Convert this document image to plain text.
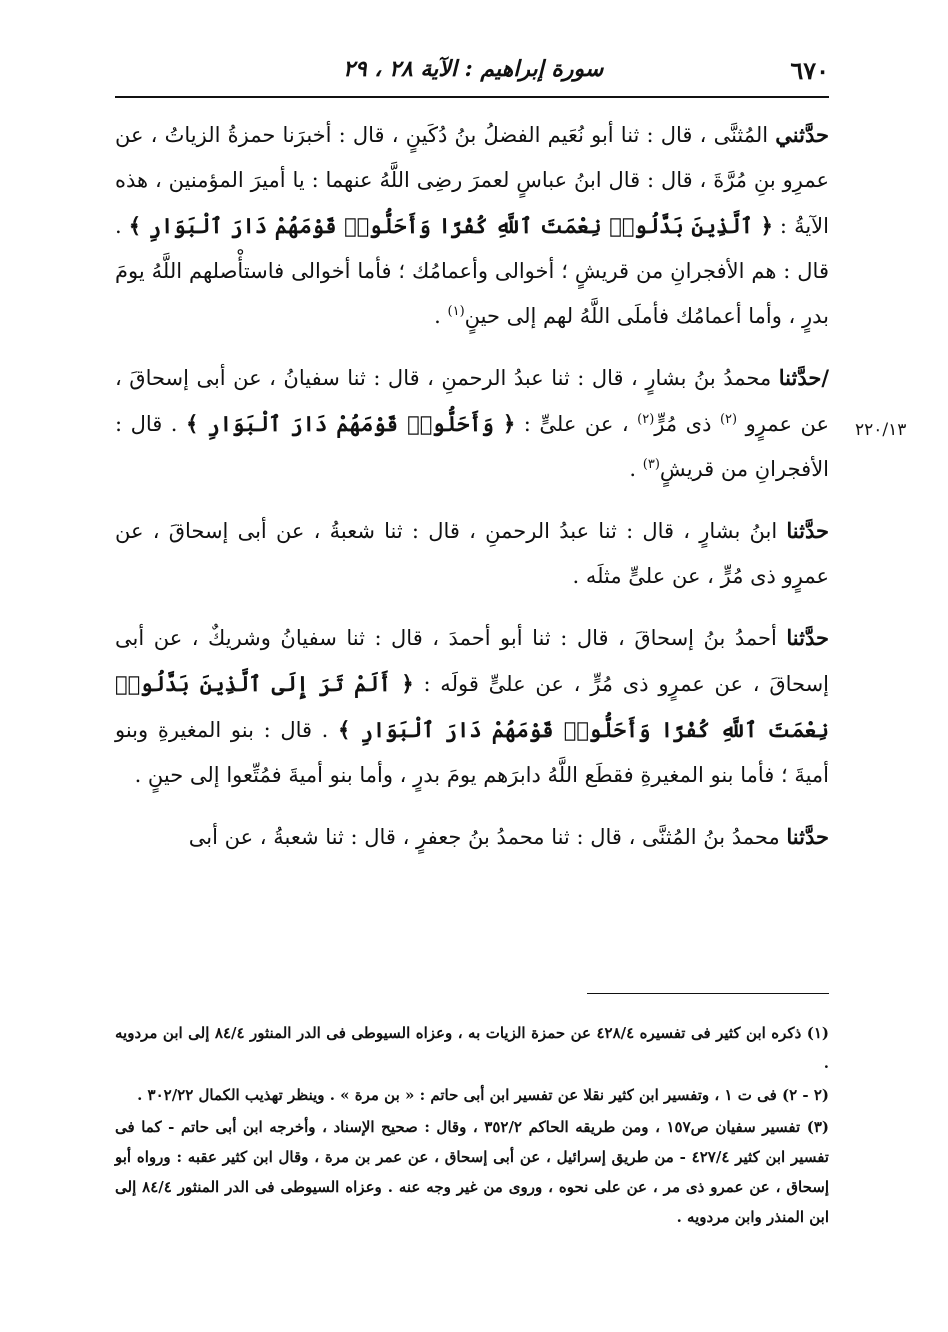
٦٧٠
سورة إبراهيم : الآية ٢٨ ، ٢٩
٢٢٠/١٣

حدَّثني المُثنَّى ، قال : ثنا أبو نُعَيم الفضلُ بنُ دُكَينٍ ، قال : أخبرَنا حمزةُ الزياتُ ، عن عمرِو بنِ مُرَّةَ ، قال : قال ابنُ عباسٍ لعمرَ رضِى اللَّهُ عنهما : يا أميرَ المؤمنين ، هذه الآيةُ : ﴿ ٱلَّذِينَ بَدَّلُوا۟ نِعْمَتَ ٱللَّهِ كُفْرًا وَأَحَلُّوا۟ قَوْمَهُمْ دَارَ ٱلْبَوَارِ ﴾ . قال : هم الأفجرانِ من قريشٍ ؛ أخوالى وأعمامُك ؛ فأما أخوالى فاستأْصلهم اللَّهُ يومَ بدرٍ ، وأما أعمامُك فأملَى اللَّهُ لهم إلى حينٍ$^{(١)}$ .

/حدَّثنا محمدُ بنُ بشارٍ ، قال : ثنا عبدُ الرحمنِ ، قال : ثنا سفيانُ ، عن أبى إسحاقَ ، عن عمرٍو $^{(٢)}$ ذى مُرٍّ$^{(٢)}$ ، عن علىٍّ : ﴿ وَأَحَلُّوا۟ قَوْمَهُمْ دَارَ ٱلْبَوَارِ ﴾ . قال : الأفجرانِ من قريشٍ$^{(٣)}$ .

حدَّثنا ابنُ بشارٍ ، قال : ثنا عبدُ الرحمنِ ، قال : ثنا شعبةُ ، عن أبى إسحاقَ ، عن عمرٍو ذى مُرٍّ ، عن علىٍّ مثلَه .

حدَّثنا أحمدُ بنُ إسحاقَ ، قال : ثنا أبو أحمدَ ، قال : ثنا سفيانُ وشريكٌ ، عن أبى إسحاقَ ، عن عمرٍو ذى مُرٍّ ، عن علىٍّ قولَه : ﴿ أَلَمْ تَرَ إِلَى ٱلَّذِينَ بَدَّلُوا۟ نِعْمَتَ ٱللَّهِ كُفْرًا وَأَحَلُّوا۟ قَوْمَهُمْ دَارَ ٱلْبَوَارِ ﴾ . قال : بنو المغيرةِ وبنو أميةَ ؛ فأما بنو المغيرةِ فقطَع اللَّهُ دابرَهم يومَ بدرٍ ، وأما بنو أميةَ فمُتِّعوا إلى حينٍ .

حدَّثنا محمدُ بنُ المُثنَّى ، قال : ثنا محمدُ بنُ جعفرٍ ، قال : ثنا شعبةُ ، عن أبى

(١) ذكره ابن كثير فى تفسيره ٤٢٨/٤ عن حمزة الزيات به ، وعزاه السيوطى فى الدر المنثور ٨٤/٤ إلى ابن مردويه .

(٢ - ٢) فى ت ١ ، وتفسير ابن كثير نقلا عن تفسير ابن أبى حاتم : « بن مرة » . وينظر تهذيب الكمال ٣٠٢/٢٢ .

(٣) تفسير سفيان ص١٥٧ ، ومن طريقه الحاكم ٣٥٢/٢ ، وقال : صحيح الإسناد ، وأخرجه ابن أبى حاتم - كما فى تفسير ابن كثير ٤٢٧/٤ - من طريق إسرائيل ، عن أبى إسحاق ، عن عمر بن مرة ، وقال ابن كثير عقبه : ورواه أبو إسحاق ، عن عمرو ذى مر ، عن على نحوه ، وروى من غير وجه عنه . وعزاه السيوطى فى الدر المنثور ٨٤/٤ إلى ابن المنذر وابن مردويه .
